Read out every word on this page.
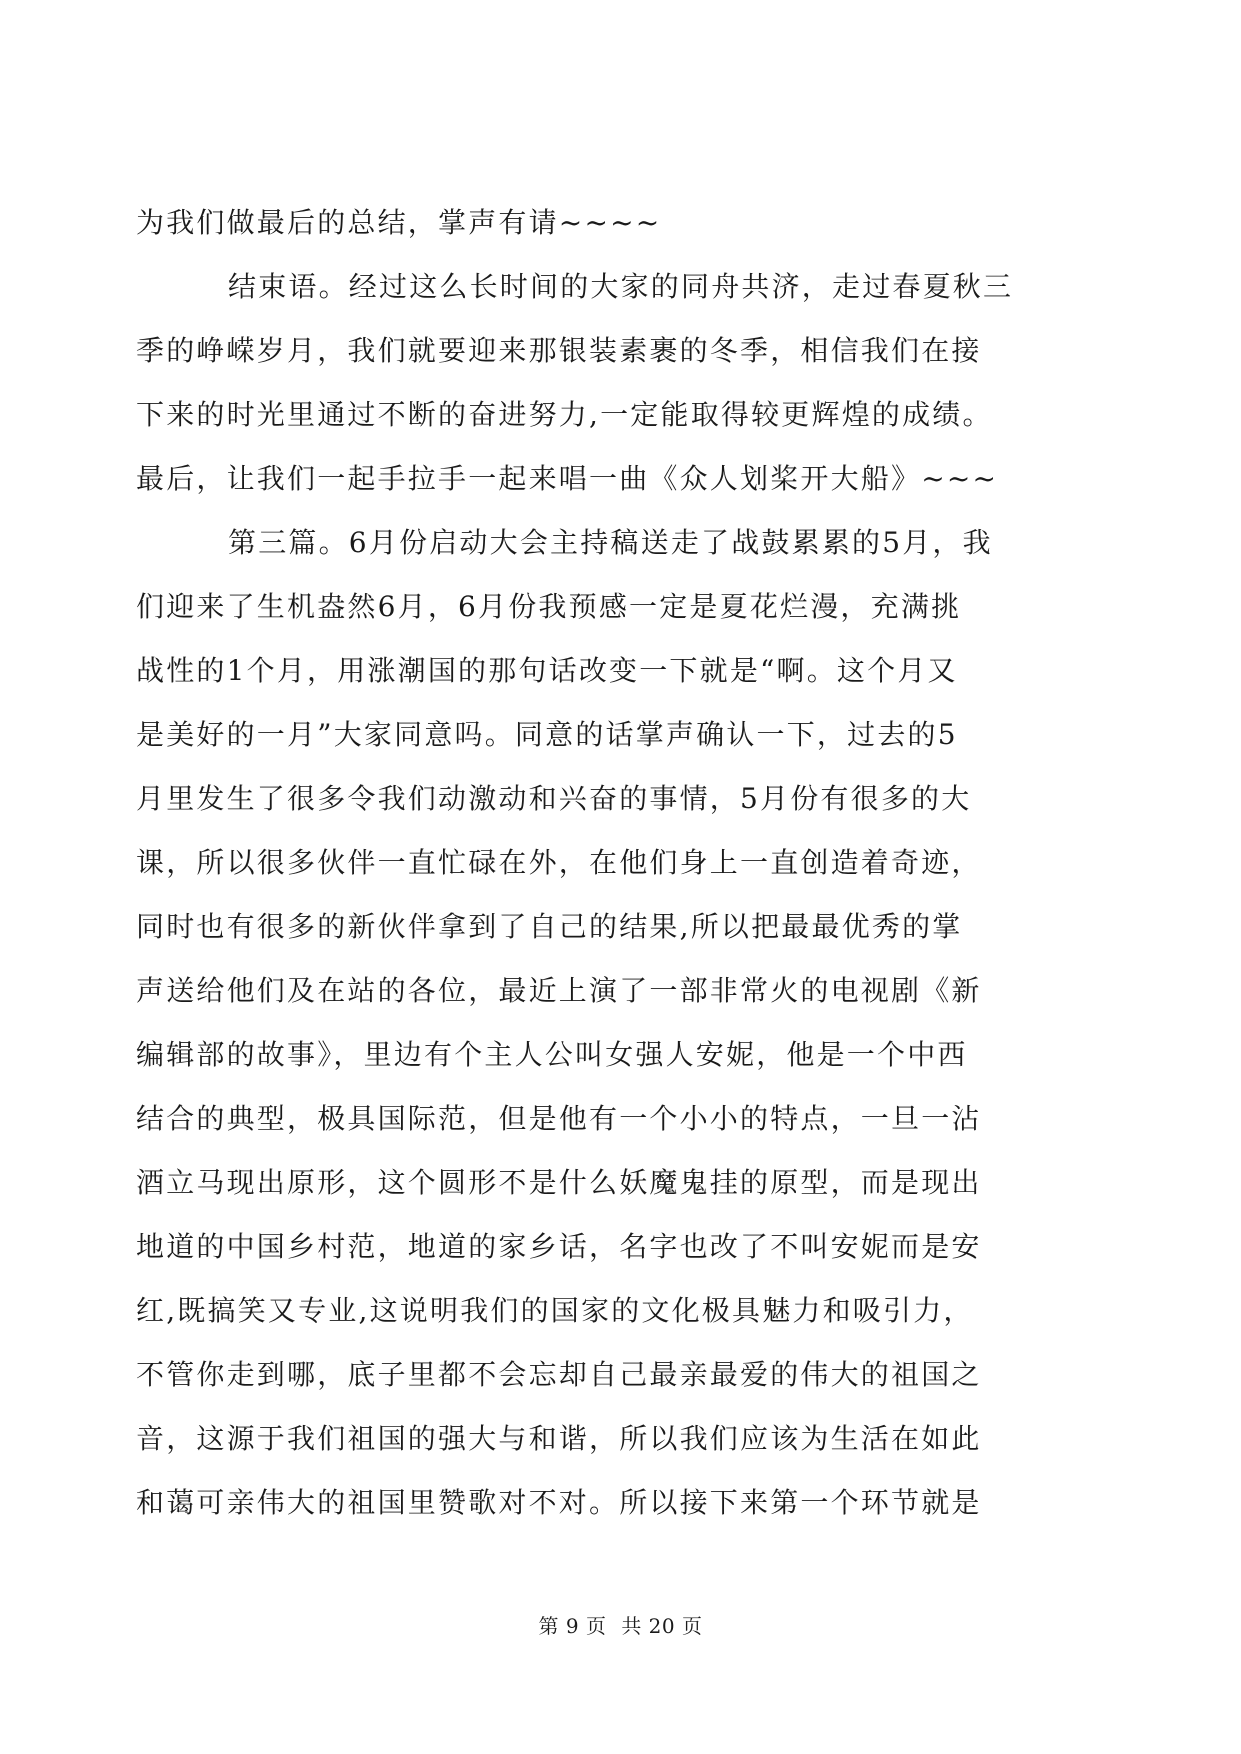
为我们做最后的总结，掌声有请~~~~
结束语。经过这么长时间的大家的同舟共济，走过春夏秋三
季的峥嵘岁月，我们就要迎来那银装素裹的冬季，相信我们在接
下来的时光里通过不断的奋进努力,一定能取得较更辉煌的成绩。
最后，让我们一起手拉手一起来唱一曲《众人划桨开大船》~~~
第三篇。6月份启动大会主持稿送走了战鼓累累的5月，我
们迎来了生机盎然6月，6月份我预感一定是夏花烂漫，充满挑
战性的1个月，用涨潮国的那句话改变一下就是“啊。这个月又
是美好的一月”大家同意吗。同意的话掌声确认一下，过去的5
月里发生了很多令我们动激动和兴奋的事情，5月份有很多的大
课，所以很多伙伴一直忙碌在外，在他们身上一直创造着奇迹，
同时也有很多的新伙伴拿到了自己的结果,所以把最最优秀的掌
声送给他们及在站的各位，最近上演了一部非常火的电视剧《新
编辑部的故事》，里边有个主人公叫女强人安妮，他是一个中西
结合的典型，极具国际范，但是他有一个小小的特点，一旦一沾
酒立马现出原形，这个圆形不是什么妖魔鬼挂的原型，而是现出
地道的中国乡村范，地道的家乡话，名字也改了不叫安妮而是安
红,既搞笑又专业,这说明我们的国家的文化极具魅力和吸引力，
不管你走到哪，底子里都不会忘却自己最亲最爱的伟大的祖国之
音，这源于我们祖国的强大与和谐，所以我们应该为生活在如此
和蔼可亲伟大的祖国里赞歌对不对。所以接下来第一个环节就是
第 9 页 共 20 页
